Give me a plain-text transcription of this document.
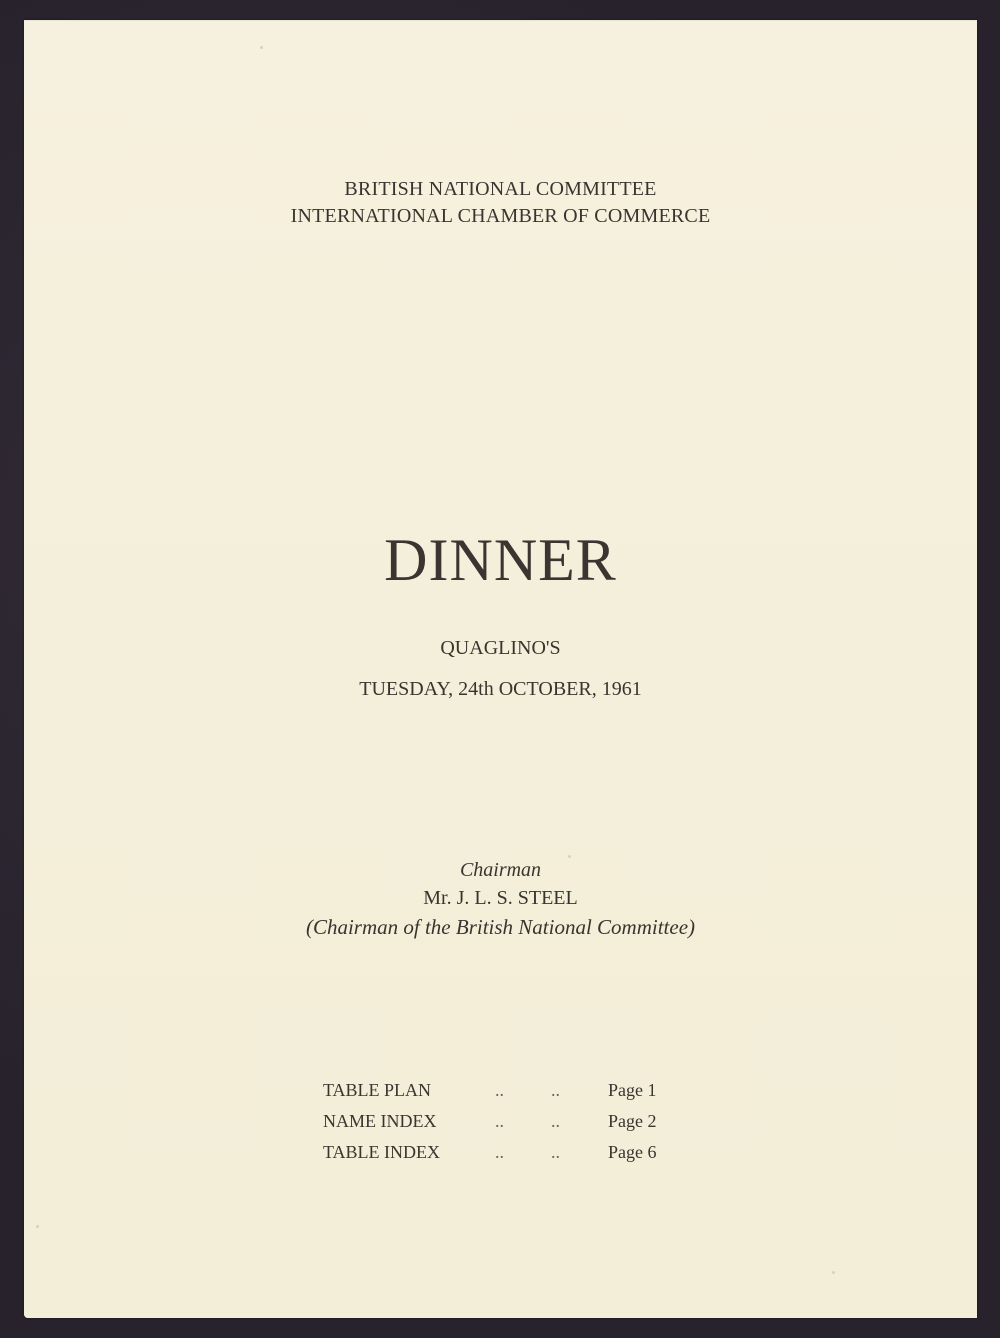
BRITISH NATIONAL COMMITTEE
INTERNATIONAL CHAMBER OF COMMERCE
DINNER
QUAGLINO'S
TUESDAY, 24th OCTOBER, 1961
Chairman
Mr. J. L. S. STEEL
(Chairman of the British National Committee)
TABLE PLAN	..	..	Page 1
NAME INDEX	..	..	Page 2
TABLE INDEX	..	..	Page 6
